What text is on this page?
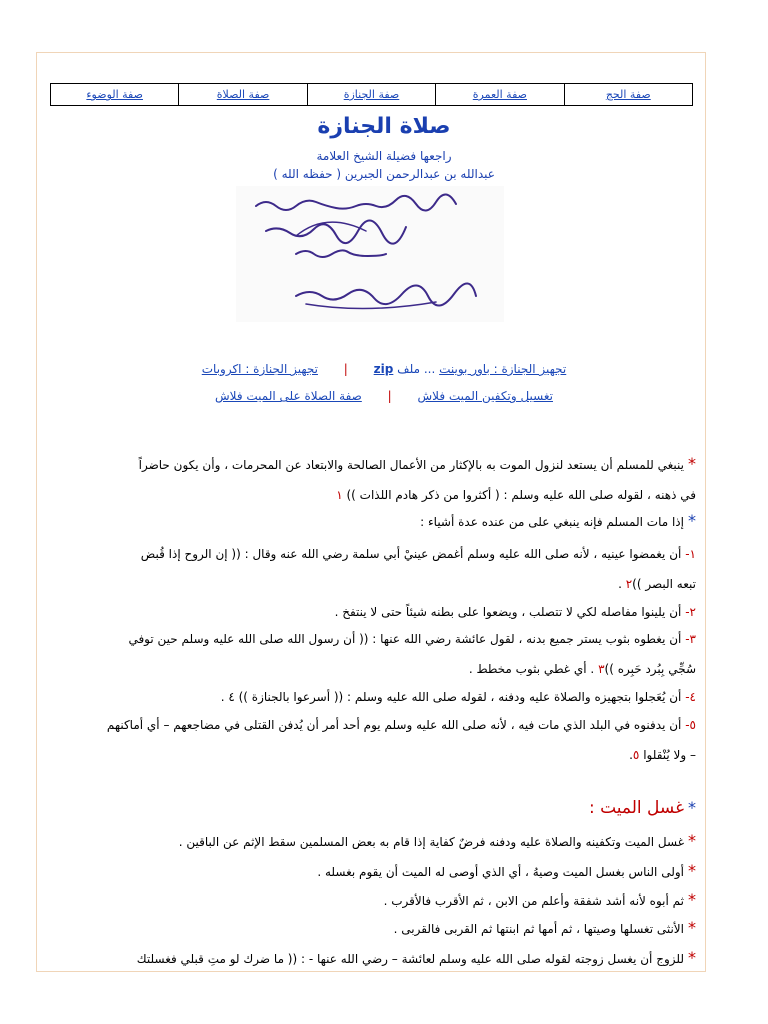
صفة الحج
صفة العمرة
صفة الجنازة
صفة الصلاة
صفة الوضوء
صلاة الجنازة
راجعها فضيلة الشيخ العلامة
عبدالله بن عبدالرحمن الجبرين ( حفظه الله )
تجهيز الجنازة : باور بوينت ... ملف zip | تجهيز الجنازة : اكروبات
تغسيل وتكفين الميت فلاش | صفة الصلاة على الميت فلاش
*ينبغي للمسلم أن يستعد لنزول الموت به بالإكثار من الأعمال الصالحة والابتعاد عن المحرمات ، وأن يكون حاضراً
في ذهنه ، لقوله صلى الله عليه وسلم : ( أكثروا من ذكر هادم اللذات )) ١
*إذا مات المسلم فإنه ينبغي على من عنده عدة أشياء :
١- أن يغمضوا عينيه ، لأنه صلى الله عليه وسلم أغمض عينيْ أبي سلمة رضي الله عنه وقال : (( إن الروح إذا قُبض
تبعه البصر ))٢ .
٢- أن يلينوا مفاصله لكي لا تتصلب ، ويضعوا على بطنه شيئاً حتى لا ينتفخ .
٣- أن يغطوه بثوب يستر جميع بدنه ، لقول عائشة رضي الله عنها : (( أن رسول الله صلى الله عليه وسلم حين توفي
سُجِّي بِبُرد حَبِره ))٣ . أي غطي بثوب مخطط .
٤- أن يُعَجلوا بتجهيزه والصلاة عليه ودفنه ، لقوله صلى الله عليه وسلم : (( أسرعوا بالجنازة )) ٤ .
٥- أن يدفنوه في البلد الذي مات فيه ، لأنه صلى الله عليه وسلم يوم أحد أمر أن يُدفن القتلى في مضاجعهم – أي أماكنهم
– ولا يُنْقلوا ٥.
*غسل الميت :
*غسل الميت وتكفينه والصلاة عليه ودفنه فرضٌ كفاية إذا قام به بعض المسلمين سقط الإثم عن الباقين .
*أولى الناس بغسل الميت وصيهُ ، أي الذي أوصى له الميت أن يقوم بغسله .
*ثم أبوه لأنه أشد شفقة وأعلم من الابن ، ثم الأقرب فالأقرب .
*الأنثى تغسلها وصيتها ، ثم أمها ثم ابنتها ثم القربى فالقربى .
*للزوج أن يغسل زوجته لقوله صلى الله عليه وسلم لعائشة – رضي الله عنها - : (( ما ضرك لو متِ قبلي فغسلتك
